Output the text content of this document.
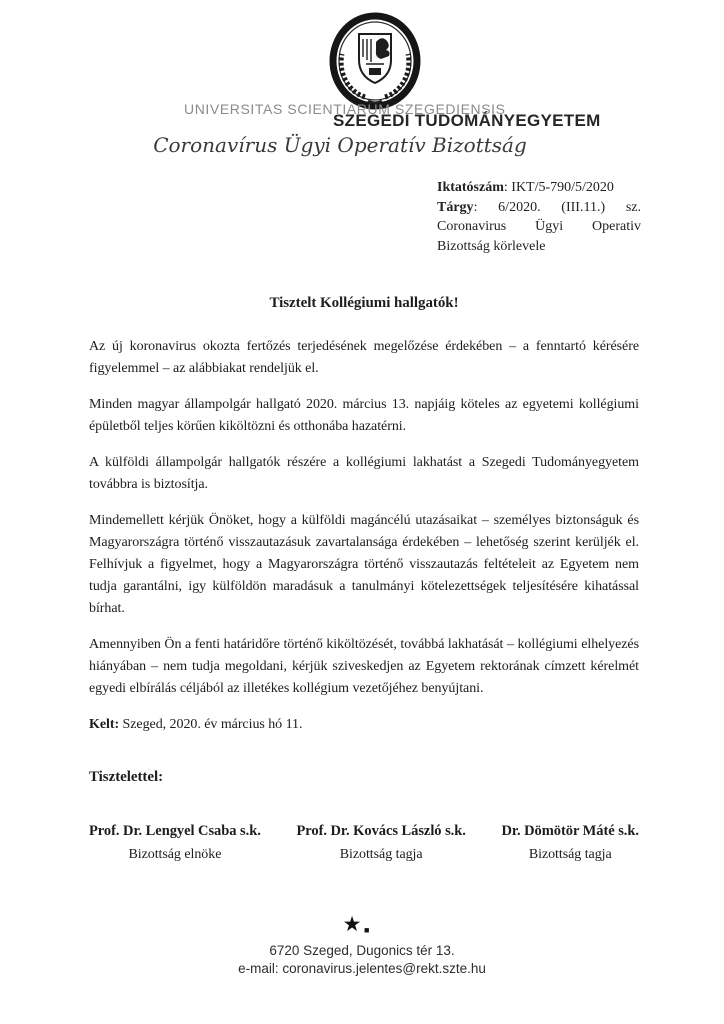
UNIVERSITAS SCIENTIARUM SZEGEDIENSIS
SZEGEDI TUDOMÁNYEGYETEM
Coronavírus Ügyi Operatív Bizottság
Iktatószám: IKT/5-790/5/2020
Tárgy: 6/2020. (III.11.) sz. Coronavirus Ügyi Operativ Bizottság körlevele

Tisztelt Kollégiumi hallgatók!

Az új koronavirus okozta fertőzés terjedésének megelőzése érdekében – a fenntartó kérésére figyelemmel – az alábbiakat rendeljük el.

Minden magyar állampolgár hallgató 2020. március 13. napjáig köteles az egyetemi kollégiumi épületből teljes körűen kiköltözni és otthonába hazatérni.

A külföldi állampolgár hallgatók részére a kollégiumi lakhatást a Szegedi Tudományegyetem továbbra is biztosítja.

Mindemellett kérjük Önöket, hogy a külföldi magáncélú utazásaikat – személyes biztonságuk és Magyarországra történő visszautazásuk zavartalansága érdekében – lehetőség szerint kerüljék el. Felhívjuk a figyelmet, hogy a Magyarországra történő visszautazás feltételeit az Egyetem nem tudja garantálni, igy külföldön maradásuk a tanulmányi kötelezettségek teljesítésére kihatással bírhat.

Amennyiben Ön a fenti határidőre történő kiköltözését, továbbá lakhatását – kollégiumi elhelyezés hiányában – nem tudja megoldani, kérjük sziveskedjen az Egyetem rektorának címzett kérelmét egyedi elbírálás céljából az illetékes kollégium vezetőjéhez benyújtani.

Kelt: Szeged, 2020. év március hó 11.

Tisztelettel:

Prof. Dr. Lengyel Csaba s.k.
Bizottság elnöke
Prof. Dr. Kovács László s.k.
Bizottság tagja
Dr. Dömötör Máté s.k.
Bizottság tagja
★ ■
6720 Szeged, Dugonics tér 13.
e-mail: coronavirus.jelentes@rekt.szte.hu
